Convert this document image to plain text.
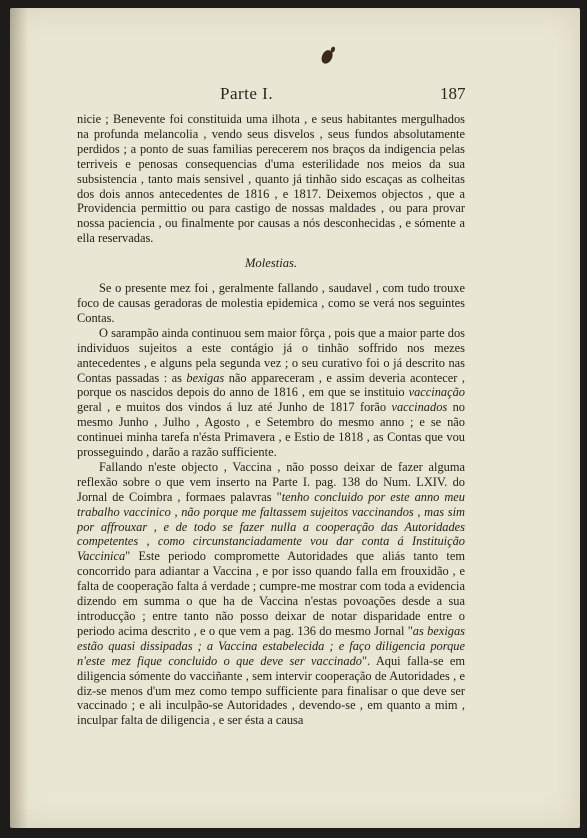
Parte I.	187

nicie ; Benevente foi constituida uma ilhota , e seus habitantes mergulhados na profunda melancolia , vendo seus disvelos , seus fundos absolutamente perdidos ; a ponto de suas familias perecerem nos braços da indigencia pelas terriveis e penosas consequencias d'uma esterilidade nos meios da sua subsistencia , tanto mais sensivel , quanto já tinhão sido escaças as colheitas dos dois annos antecedentes de 1816 , e 1817. Deixemos objectos , que a Providencia permittio ou para castigo de nossas maldades , ou para provar nossa paciencia , ou finalmente por causas a nós desconhecidas , e sómente a ella reservadas.

Molestias.

Se o presente mez foi , geralmente fallando , saudavel , com tudo trouxe foco de causas geradoras de molestia epidemica , como se verá nos seguintes Contas.

O sarampão ainda continuou sem maior fôrça , pois que a maior parte dos individuos sujeitos a este contágio já o tinhão soffrido nos mezes antecedentes , e alguns pela segunda vez ; o seu curativo foi o já descrito nas Contas passadas : as bexigas não appareceram , e assim deveria acontecer , porque os nascidos depois do anno de 1816 , em que se instituio vaccinação geral , e muitos dos vindos á luz até Junho de 1817 forão vaccinados no mesmo Junho , Julho , Agosto , e Setembro do mesmo anno ; e se não continuei minha tarefa n'ésta Primavera , e Estio de 1818 , as Contas que vou prosseguindo , darão a razão sufficiente.

Fallando n'este objecto , Vaccina , não posso deixar de fazer alguma reflexão sobre o que vem inserto na Parte I. pag. 138 do Num. LXIV. do Jornal de Coimbra , formaes palavras "tenho concluido por este anno meu trabalho vaccinico , não porque me faltassem sujeitos vaccinandos , mas sim por affrouxar , e de todo se fazer nulla a cooperação das Autoridades competentes , como circunstanciadamente vou dar conta á Instituição Vaccinica" Este periodo compromette Autoridades que aliás tanto tem concorrido para adiantar a Vaccina , e por isso quando falla em frouxidão , e falta de cooperação falta á verdade ; cumpre-me mostrar com toda a evidencia dizendo em summa o que ha de Vaccina n'estas povoações desde a sua introducção ; entre tanto não posso deixar de notar disparidade entre o periodo acima descrito , e o que vem a pag. 136 do mesmo Jornal "as bexigas estão quasi dissipadas ; a Vaccina estabelecida ; e faço diligencia porque n'este mez fique concluido o que deve ser vaccinado". Aqui falla-se em diligencia sómente do vacciñante , sem intervir cooperação de Autoridades , e diz-se menos d'um mez como tempo sufficiente para finalisar o que deve ser vaccinado ; e ali inculpão-se Autoridades , devendo-se , em quanto a mim , inculpar falta de diligencia , e ser ésta a causa
